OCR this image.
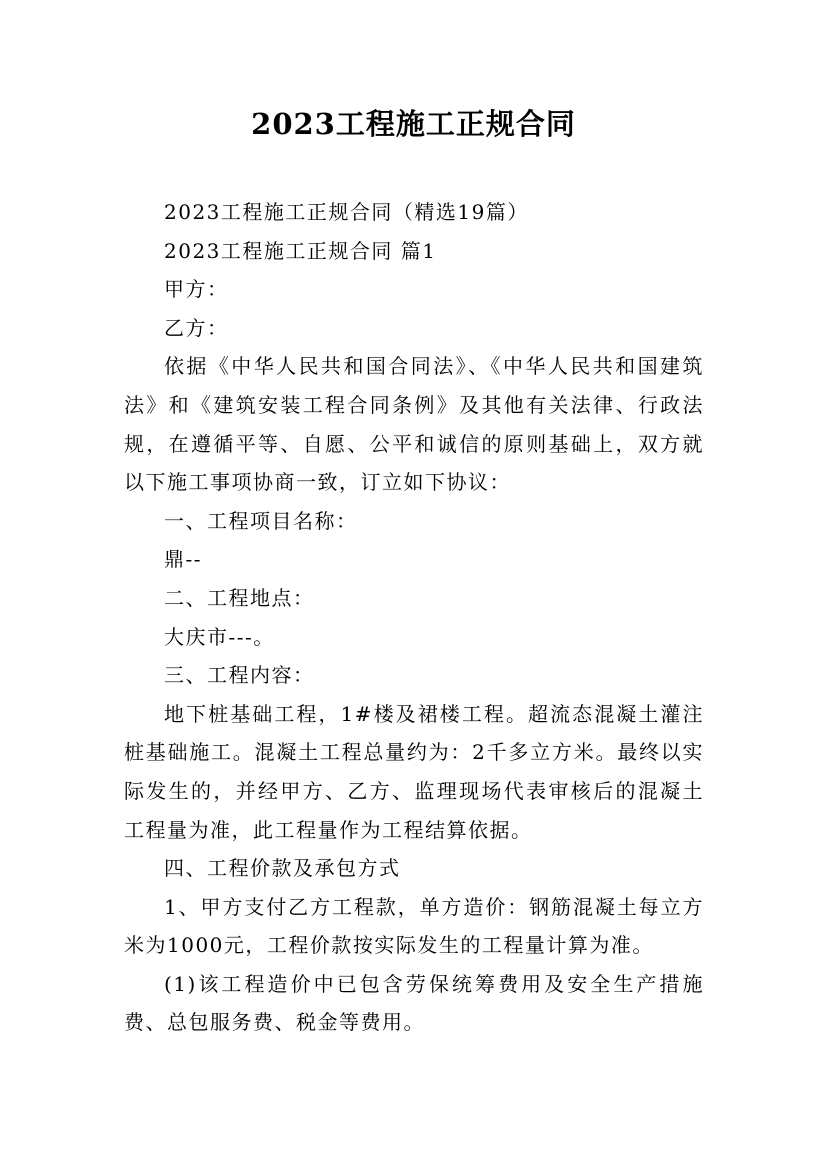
2023工程施工正规合同

2023工程施工正规合同（精选19篇）

2023工程施工正规合同 篇1

甲方：

乙方：

依据《中华人民共和国合同法》、《中华人民共和国建筑法》和《建筑安装工程合同条例》及其他有关法律、行政法规，在遵循平等、自愿、公平和诚信的原则基础上，双方就以下施工事项协商一致，订立如下协议：

一、工程项目名称：

鼎--

二、工程地点：

大庆市---。

三、工程内容：

地下桩基础工程，1#楼及裙楼工程。超流态混凝土灌注桩基础施工。混凝土工程总量约为：2千多立方米。最终以实际发生的，并经甲方、乙方、监理现场代表审核后的混凝土工程量为准，此工程量作为工程结算依据。

四、工程价款及承包方式

1、甲方支付乙方工程款，单方造价：钢筋混凝土每立方米为1000元，工程价款按实际发生的工程量计算为准。

(1)该工程造价中已包含劳保统筹费用及安全生产措施费、总包服务费、税金等费用。
